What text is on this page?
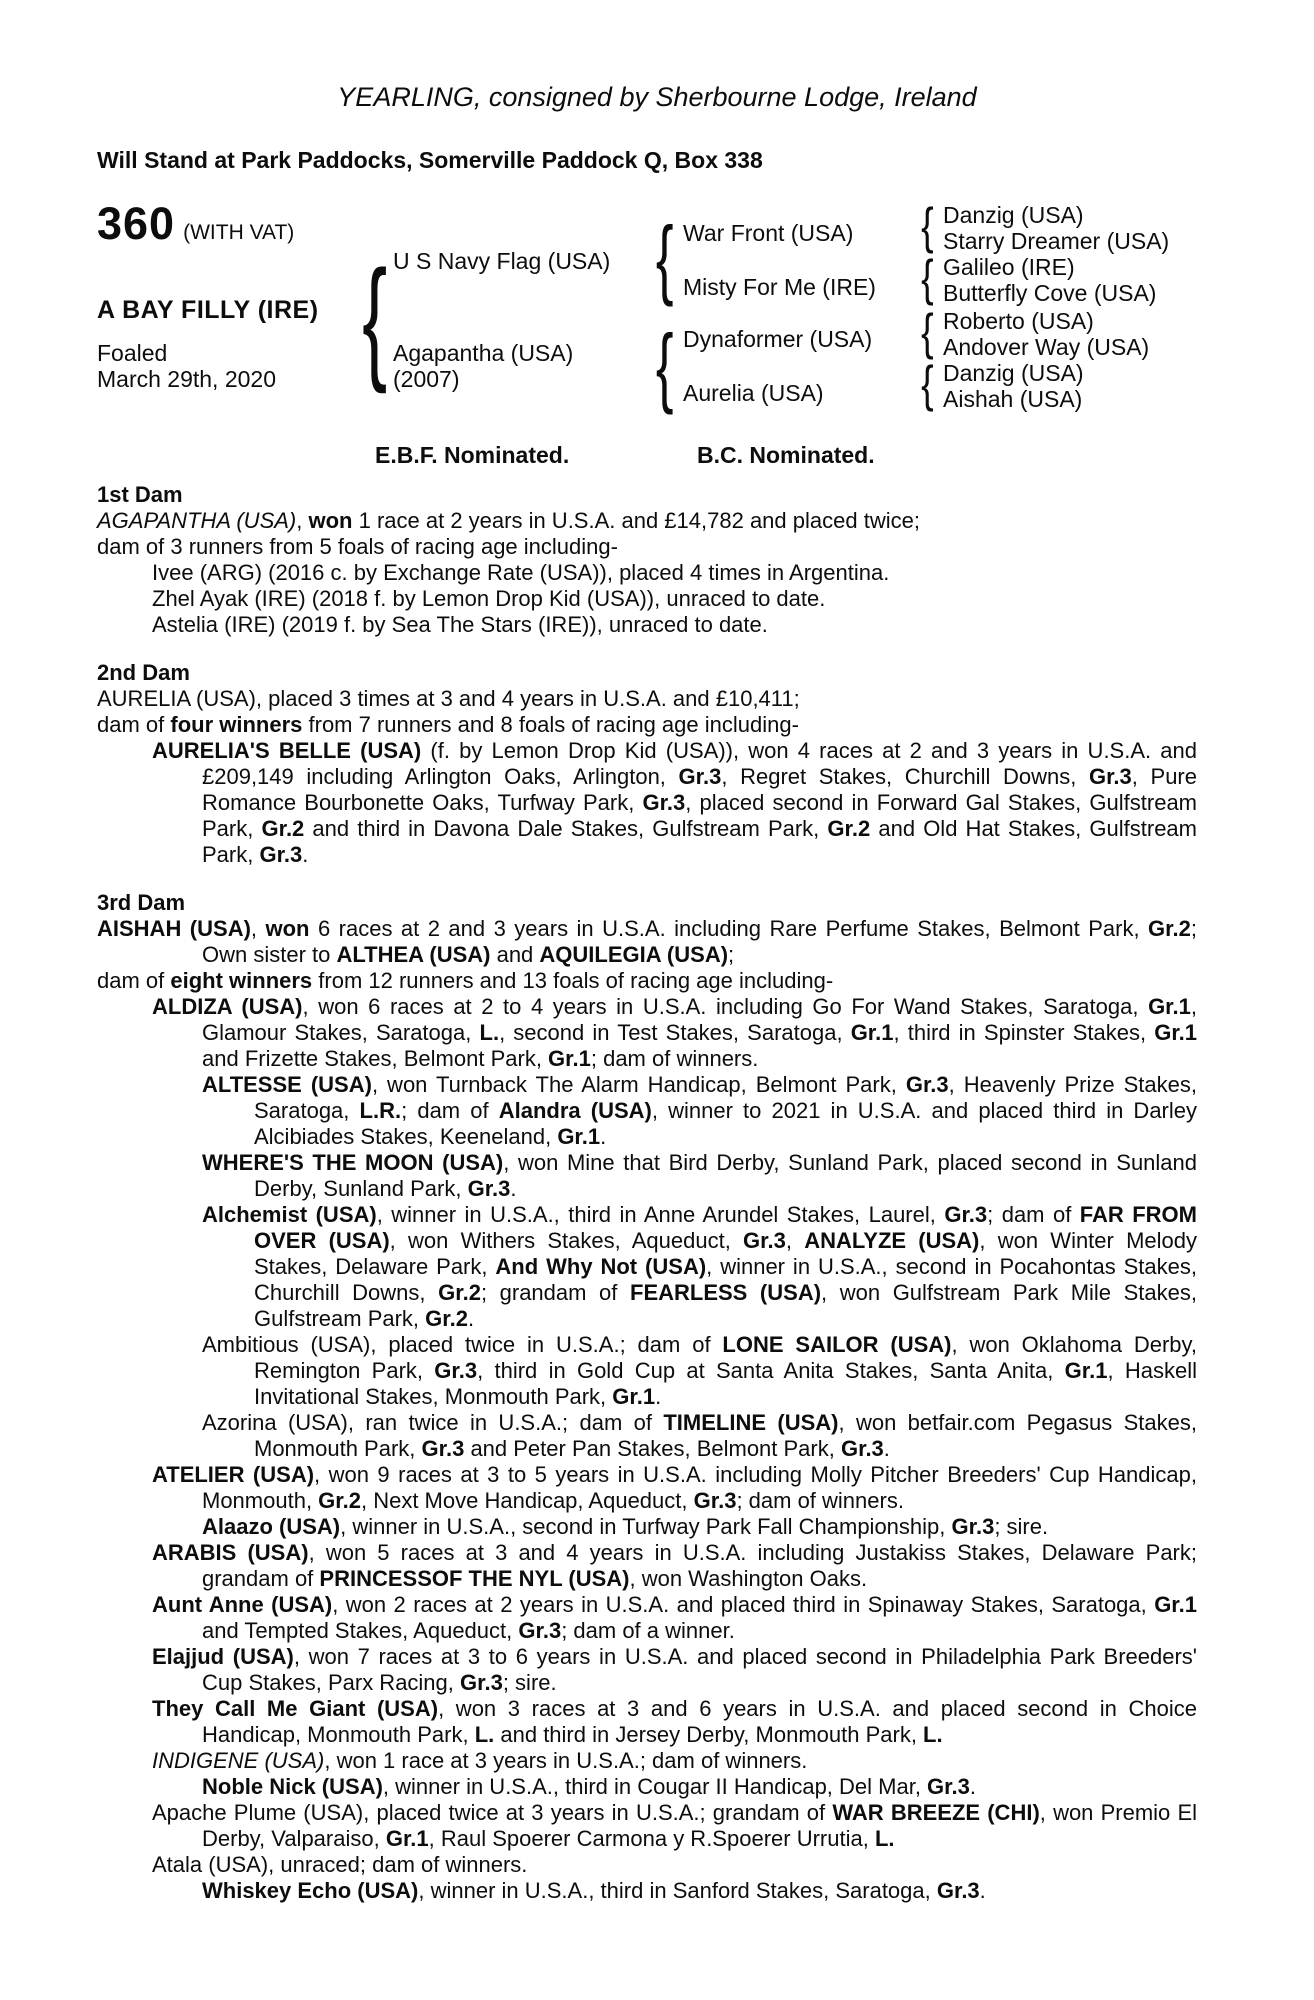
YEARLING, consigned by Sherbourne Lodge, Ireland
Will Stand at Park Paddocks, Somerville Paddock Q, Box 338
360 (WITH VAT)
A BAY FILLY (IRE)
Foaled
March 29th, 2020
{
U S Navy Flag (USA)
Agapantha (USA)
(2007)
{
{
War Front (USA)
Misty For Me (IRE)
Dynaformer (USA)
Aurelia (USA)
{
{
{
{
Danzig (USA)
Starry Dreamer (USA)
Galileo (IRE)
Butterfly Cove (USA)
Roberto (USA)
Andover Way (USA)
Danzig (USA)
Aishah (USA)
E.B.F. Nominated.	B.C. Nominated.
1st Dam

AGAPANTHA (USA), won 1 race at 2 years in U.S.A. and £14,782 and placed twice;

dam of 3 runners from 5 foals of racing age including-

Ivee (ARG) (2016 c. by Exchange Rate (USA)), placed 4 times in Argentina.

Zhel Ayak (IRE) (2018 f. by Lemon Drop Kid (USA)), unraced to date.

Astelia (IRE) (2019 f. by Sea The Stars (IRE)), unraced to date.

2nd Dam

AURELIA (USA), placed 3 times at 3 and 4 years in U.S.A. and £10,411;

dam of four winners from 7 runners and 8 foals of racing age including-

AURELIA'S BELLE (USA) (f. by Lemon Drop Kid (USA)), won 4 races at 2 and 3 years in U.S.A. and £209,149 including Arlington Oaks, Arlington, Gr.3, Regret Stakes, Churchill Downs, Gr.3, Pure Romance Bourbonette Oaks, Turfway Park, Gr.3, placed second in Forward Gal Stakes, Gulfstream Park, Gr.2 and third in Davona Dale Stakes, Gulfstream Park, Gr.2 and Old Hat Stakes, Gulfstream Park, Gr.3.

3rd Dam

AISHAH (USA), won 6 races at 2 and 3 years in U.S.A. including Rare Perfume Stakes, Belmont Park, Gr.2; Own sister to ALTHEA (USA) and AQUILEGIA (USA);

dam of eight winners from 12 runners and 13 foals of racing age including-

ALDIZA (USA), won 6 races at 2 to 4 years in U.S.A. including Go For Wand Stakes, Saratoga, Gr.1, Glamour Stakes, Saratoga, L., second in Test Stakes, Saratoga, Gr.1, third in Spinster Stakes, Gr.1 and Frizette Stakes, Belmont Park, Gr.1; dam of winners.

ALTESSE (USA), won Turnback The Alarm Handicap, Belmont Park, Gr.3, Heavenly Prize Stakes, Saratoga, L.R.; dam of Alandra (USA), winner to 2021 in U.S.A. and placed third in Darley Alcibiades Stakes, Keeneland, Gr.1.

WHERE'S THE MOON (USA), won Mine that Bird Derby, Sunland Park, placed second in Sunland Derby, Sunland Park, Gr.3.

Alchemist (USA), winner in U.S.A., third in Anne Arundel Stakes, Laurel, Gr.3; dam of FAR FROM OVER (USA), won Withers Stakes, Aqueduct, Gr.3, ANALYZE (USA), won Winter Melody Stakes, Delaware Park, And Why Not (USA), winner in U.S.A., second in Pocahontas Stakes, Churchill Downs, Gr.2; grandam of FEARLESS (USA), won Gulfstream Park Mile Stakes, Gulfstream Park, Gr.2.

Ambitious (USA), placed twice in U.S.A.; dam of LONE SAILOR (USA), won Oklahoma Derby, Remington Park, Gr.3, third in Gold Cup at Santa Anita Stakes, Santa Anita, Gr.1, Haskell Invitational Stakes, Monmouth Park, Gr.1.

Azorina (USA), ran twice in U.S.A.; dam of TIMELINE (USA), won betfair.com Pegasus Stakes, Monmouth Park, Gr.3 and Peter Pan Stakes, Belmont Park, Gr.3.

ATELIER (USA), won 9 races at 3 to 5 years in U.S.A. including Molly Pitcher Breeders' Cup Handicap, Monmouth, Gr.2, Next Move Handicap, Aqueduct, Gr.3; dam of winners.

Alaazo (USA), winner in U.S.A., second in Turfway Park Fall Championship, Gr.3; sire.

ARABIS (USA), won 5 races at 3 and 4 years in U.S.A. including Justakiss Stakes, Delaware Park; grandam of PRINCESSOF THE NYL (USA), won Washington Oaks.

Aunt Anne (USA), won 2 races at 2 years in U.S.A. and placed third in Spinaway Stakes, Saratoga, Gr.1 and Tempted Stakes, Aqueduct, Gr.3; dam of a winner.

Elajjud (USA), won 7 races at 3 to 6 years in U.S.A. and placed second in Philadelphia Park Breeders' Cup Stakes, Parx Racing, Gr.3; sire.

They Call Me Giant (USA), won 3 races at 3 and 6 years in U.S.A. and placed second in Choice Handicap, Monmouth Park, L. and third in Jersey Derby, Monmouth Park, L.

INDIGENE (USA), won 1 race at 3 years in U.S.A.; dam of winners.

Noble Nick (USA), winner in U.S.A., third in Cougar II Handicap, Del Mar, Gr.3.

Apache Plume (USA), placed twice at 3 years in U.S.A.; grandam of WAR BREEZE (CHI), won Premio El Derby, Valparaiso, Gr.1, Raul Spoerer Carmona y R.Spoerer Urrutia, L.

Atala (USA), unraced; dam of winners.

Whiskey Echo (USA), winner in U.S.A., third in Sanford Stakes, Saratoga, Gr.3.
